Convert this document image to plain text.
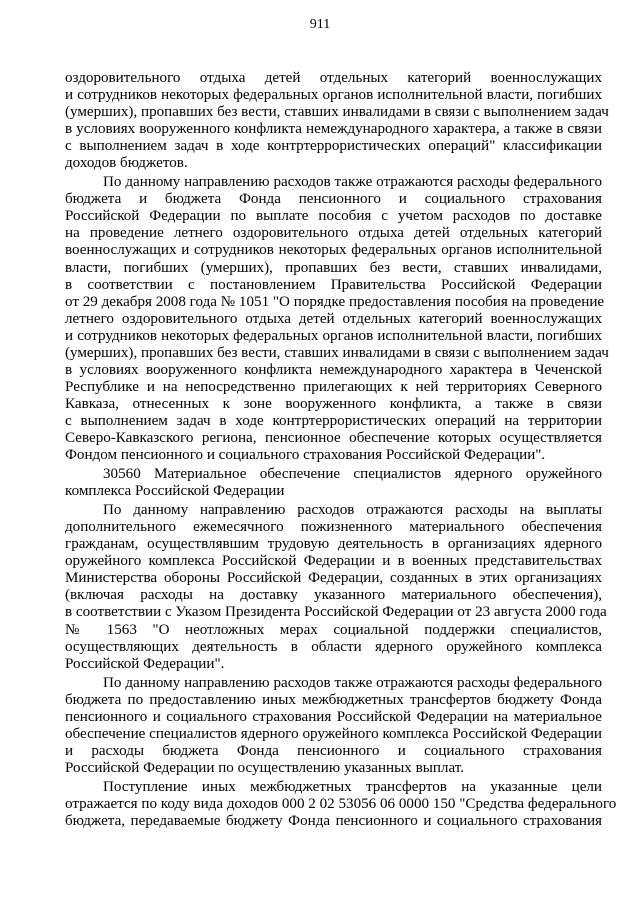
911
оздоровительного отдыха детей отдельных категорий военнослужащих
и сотрудников некоторых федеральных органов исполнительной власти, погибших
(умерших), пропавших без вести, ставших инвалидами в связи с выполнением задач
в условиях вооруженного конфликта немеждународного характера, а также в связи
с выполнением задач в ходе контртеррористических операций" классификации
доходов бюджетов.
По данному направлению расходов также отражаются расходы федерального
бюджета и бюджета Фонда пенсионного и социального страхования
Российской Федерации по выплате пособия с учетом расходов по доставке
на проведение летнего оздоровительного отдыха детей отдельных категорий
военнослужащих и сотрудников некоторых федеральных органов исполнительной
власти, погибших (умерших), пропавших без вести, ставших инвалидами,
в соответствии с постановлением Правительства Российской Федерации
от 29 декабря 2008 года № 1051 "О порядке предоставления пособия на проведение
летнего оздоровительного отдыха детей отдельных категорий военнослужащих
и сотрудников некоторых федеральных органов исполнительной власти, погибших
(умерших), пропавших без вести, ставших инвалидами в связи с выполнением задач
в условиях вооруженного конфликта немеждународного характера в Чеченской
Республике и на непосредственно прилегающих к ней территориях Северного
Кавказа, отнесенных к зоне вооруженного конфликта, а также в связи
с выполнением задач в ходе контртеррористических операций на территории
Северо-Кавказского региона, пенсионное обеспечение которых осуществляется
Фондом пенсионного и социального страхования Российской Федерации".
30560 Материальное обеспечение специалистов ядерного оружейного
комплекса Российской Федерации
По данному направлению расходов отражаются расходы на выплаты
дополнительного ежемесячного пожизненного материального обеспечения
гражданам, осуществлявшим трудовую деятельность в организациях ядерного
оружейного комплекса Российской Федерации и в военных представительствах
Министерства обороны Российской Федерации, созданных в этих организациях
(включая расходы на доставку указанного материального обеспечения),
в соответствии с Указом Президента Российской Федерации от 23 августа 2000 года
№ 1563 "О неотложных мерах социальной поддержки специалистов,
осуществляющих деятельность в области ядерного оружейного комплекса
Российской Федерации".
По данному направлению расходов также отражаются расходы федерального
бюджета по предоставлению иных межбюджетных трансфертов бюджету Фонда
пенсионного и социального страхования Российской Федерации на материальное
обеспечение специалистов ядерного оружейного комплекса Российской Федерации
и расходы бюджета Фонда пенсионного и социального страхования
Российской Федерации по осуществлению указанных выплат.
Поступление иных межбюджетных трансфертов на указанные цели
отражается по коду вида доходов 000 2 02 53056 06 0000 150 "Средства федерального
бюджета, передаваемые бюджету Фонда пенсионного и социального страхования
